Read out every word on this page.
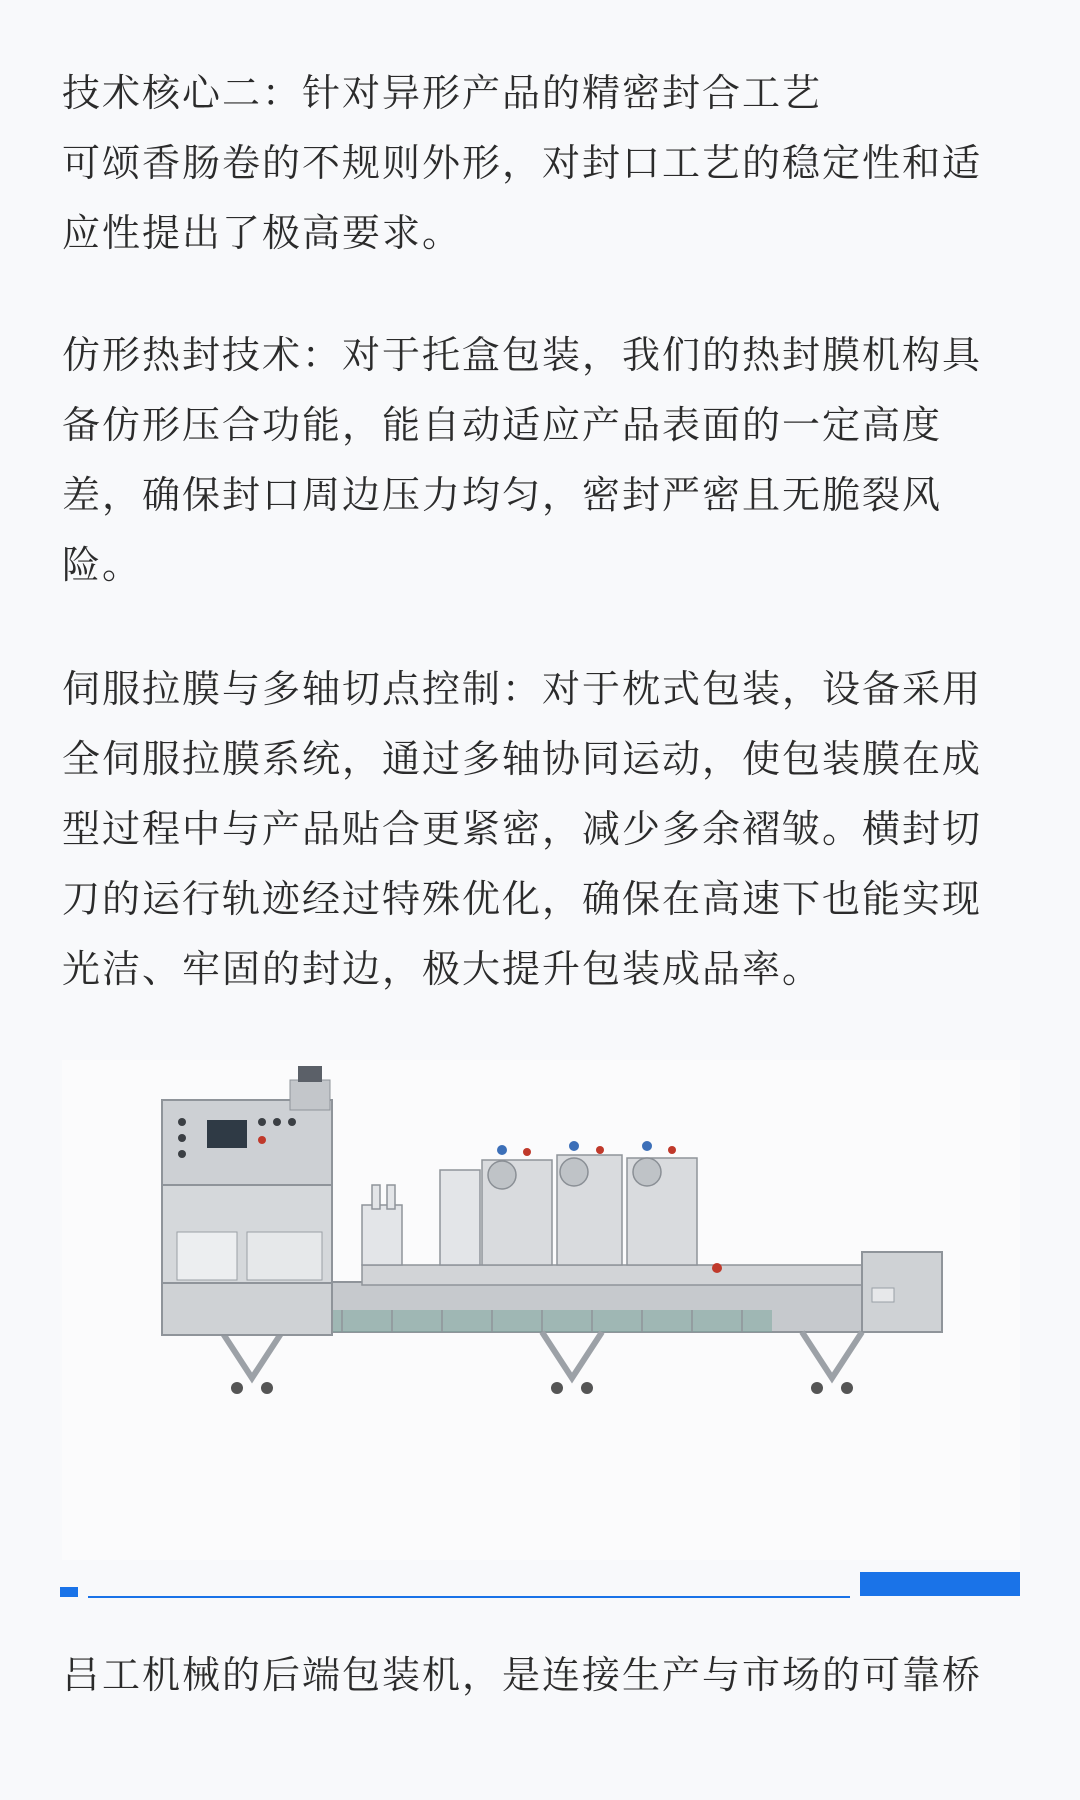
技术核心二：针对异形产品的精密封合工艺
可颂香肠卷的不规则外形，对封口工艺的稳定性和适
应性提出了极高要求。

仿形热封技术：对于托盒包装，我们的热封膜机构具
备仿形压合功能，能自动适应产品表面的一定高度
差，确保封口周边压力均匀，密封严密且无脆裂风
险。

伺服拉膜与多轴切点控制：对于枕式包装，设备采用
全伺服拉膜系统，通过多轴协同运动，使包装膜在成
型过程中与产品贴合更紧密，减少多余褶皱。横封切
刀的运行轨迹经过特殊优化，确保在高速下也能实现
光洁、牢固的封边，极大提升包装成品率。

吕工机械的后端包装机，是连接生产与市场的可靠桥
